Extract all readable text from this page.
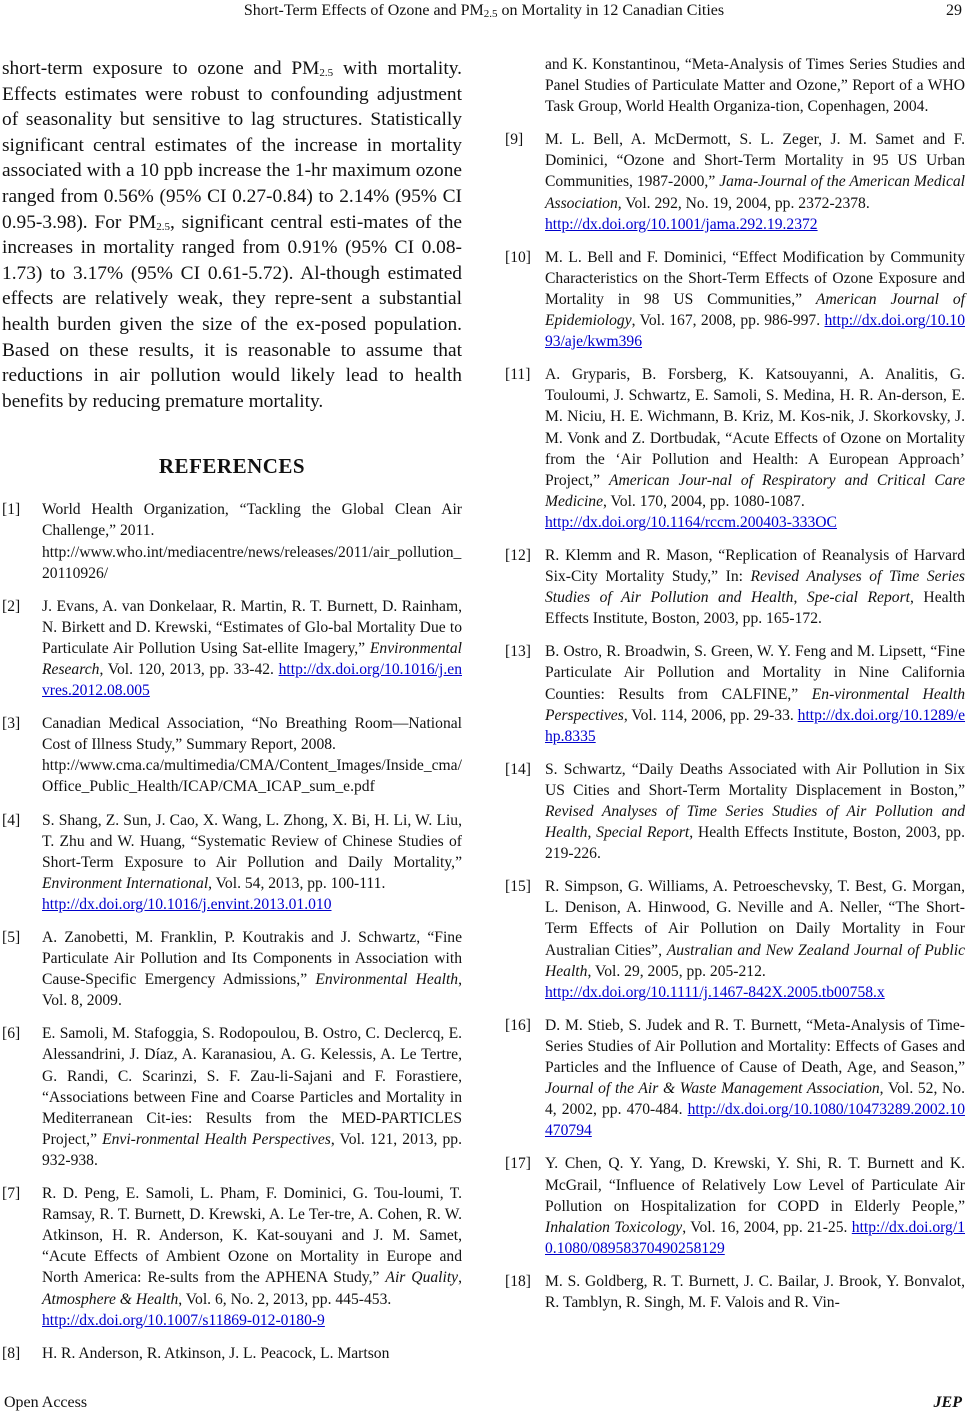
Short-Term Effects of Ozone and $PM_{2.5}$ on Mortality in 12 Canadian Cities	29

short-term exposure to ozone and $PM_{2.5}$ with mortality. Effects estimates were robust to confounding adjustment of seasonality but sensitive to lag structures. Statistically significant central estimates of the increase in mortality associated with a 10 ppb increase the 1-hr maximum ozone ranged from 0.56% (95% CI 0.27-0.84) to 2.14% (95% CI 0.95-3.98). For $PM_{2.5}$, significant central esti-mates of the increases in mortality ranged from 0.91% (95% CI 0.08-1.73) to 3.17% (95% CI 0.61-5.72). Al-though estimated effects are relatively weak, they repre-sent a substantial health burden given the size of the ex-posed population. Based on these results, it is reasonable to assume that reductions in air pollution would likely lead to health benefits by reducing premature mortality.

REFERENCES
[1] World Health Organization, “Tackling the Global Clean Air Challenge,” 2011.
http://www.who.int/mediacentre/news/releases/2011/air_pollution_20110926/
[2] J. Evans, A. van Donkelaar, R. Martin, R. T. Burnett, D. Rainham, N. Birkett and D. Krewski, “Estimates of Glo-bal Mortality Due to Particulate Air Pollution Using Sat-ellite Imagery,” Environmental Research, Vol. 120, 2013, pp. 33-42. http://dx.doi.org/10.1016/j.envres.2012.08.005
[3] Canadian Medical Association, “No Breathing Room—National Cost of Illness Study,” Summary Report, 2008.
http://www.cma.ca/multimedia/CMA/Content_Images/Inside_cma/Office_Public_Health/ICAP/CMA_ICAP_sum_e.pdf
[4] S. Shang, Z. Sun, J. Cao, X. Wang, L. Zhong, X. Bi, H. Li, W. Liu, T. Zhu and W. Huang, “Systematic Review of Chinese Studies of Short-Term Exposure to Air Pollution and Daily Mortality,” Environment International, Vol. 54, 2013, pp. 100-111.
http://dx.doi.org/10.1016/j.envint.2013.01.010
[5] A. Zanobetti, M. Franklin, P. Koutrakis and J. Schwartz, “Fine Particulate Air Pollution and Its Components in Association with Cause-Specific Emergency Admissions,” Environmental Health, Vol. 8, 2009.
[6] E. Samoli, M. Stafoggia, S. Rodopoulou, B. Ostro, C. Declercq, E. Alessandrini, J. Díaz, A. Karanasiou, A. G. Kelessis, A. Le Tertre, G. Randi, C. Scarinzi, S. F. Zau-li-Sajani and F. Forastiere, “Associations between Fine and Coarse Particles and Mortality in Mediterranean Cit-ies: Results from the MED-PARTICLES Project,” Envi-ronmental Health Perspectives, Vol. 121, 2013, pp. 932-938.
[7] R. D. Peng, E. Samoli, L. Pham, F. Dominici, G. Tou-loumi, T. Ramsay, R. T. Burnett, D. Krewski, A. Le Ter-tre, A. Cohen, R. W. Atkinson, H. R. Anderson, K. Kat-souyani and J. M. Samet, “Acute Effects of Ambient Ozone on Mortality in Europe and North America: Re-sults from the APHENA Study,” Air Quality, Atmosphere & Health, Vol. 6, No. 2, 2013, pp. 445-453.
http://dx.doi.org/10.1007/s11869-012-0180-9
[8] H. R. Anderson, R. Atkinson, J. L. Peacock, L. Martson
and K. Konstantinou, “Meta-Analysis of Times Series Studies and Panel Studies of Particulate Matter and Ozone,” Report of a WHO Task Group, World Health Organiza-tion, Copenhagen, 2004.
[9] M. L. Bell, A. McDermott, S. L. Zeger, J. M. Samet and F. Dominici, “Ozone and Short-Term Mortality in 95 US Urban Communities, 1987-2000,” Jama-Journal of the American Medical Association, Vol. 292, No. 19, 2004, pp. 2372-2378.
http://dx.doi.org/10.1001/jama.292.19.2372
[10] M. L. Bell and F. Dominici, “Effect Modification by Community Characteristics on the Short-Term Effects of Ozone Exposure and Mortality in 98 US Communities,” American Journal of Epidemiology, Vol. 167, 2008, pp. 986-997. http://dx.doi.org/10.1093/aje/kwm396
[11] A. Gryparis, B. Forsberg, K. Katsouyanni, A. Analitis, G. Touloumi, J. Schwartz, E. Samoli, S. Medina, H. R. An-derson, E. M. Niciu, H. E. Wichmann, B. Kriz, M. Kos-nik, J. Skorkovsky, J. M. Vonk and Z. Dortbudak, “Acute Effects of Ozone on Mortality from the ‘Air Pollution and Health: A European Approach’ Project,” American Jour-nal of Respiratory and Critical Care Medicine, Vol. 170, 2004, pp. 1080-1087.
http://dx.doi.org/10.1164/rccm.200403-333OC
[12] R. Klemm and R. Mason, “Replication of Reanalysis of Harvard Six-City Mortality Study,” In: Revised Analyses of Time Series Studies of Air Pollution and Health, Spe-cial Report, Health Effects Institute, Boston, 2003, pp. 165-172.
[13] B. Ostro, R. Broadwin, S. Green, W. Y. Feng and M. Lipsett, “Fine Particulate Air Pollution and Mortality in Nine California Counties: Results from CALFINE,” En-vironmental Health Perspectives, Vol. 114, 2006, pp. 29-33. http://dx.doi.org/10.1289/ehp.8335
[14] S. Schwartz, “Daily Deaths Associated with Air Pollution in Six US Cities and Short-Term Mortality Displacement in Boston,” Revised Analyses of Time Series Studies of Air Pollution and Health, Special Report, Health Effects Institute, Boston, 2003, pp. 219-226.
[15] R. Simpson, G. Williams, A. Petroeschevsky, T. Best, G. Morgan, L. Denison, A. Hinwood, G. Neville and A. Neller, “The Short-Term Effects of Air Pollution on Daily Mortality in Four Australian Cities”, Australian and New Zealand Journal of Public Health, Vol. 29, 2005, pp. 205-212.
http://dx.doi.org/10.1111/j.1467-842X.2005.tb00758.x
[16] D. M. Stieb, S. Judek and R. T. Burnett, “Meta-Analysis of Time-Series Studies of Air Pollution and Mortality: Effects of Gases and Particles and the Influence of Cause of Death, Age, and Season,” Journal of the Air & Waste Management Association, Vol. 52, No. 4, 2002, pp. 470-484. http://dx.doi.org/10.1080/10473289.2002.10470794
[17] Y. Chen, Q. Y. Yang, D. Krewski, Y. Shi, R. T. Burnett and K. McGrail, “Influence of Relatively Low Level of Particulate Air Pollution on Hospitalization for COPD in Elderly People,” Inhalation Toxicology, Vol. 16, 2004, pp. 21-25. http://dx.doi.org/10.1080/08958370490258129
[18] M. S. Goldberg, R. T. Burnett, J. C. Bailar, J. Brook, Y. Bonvalot, R. Tamblyn, R. Singh, M. F. Valois and R. Vin-
Open Access	JEP
